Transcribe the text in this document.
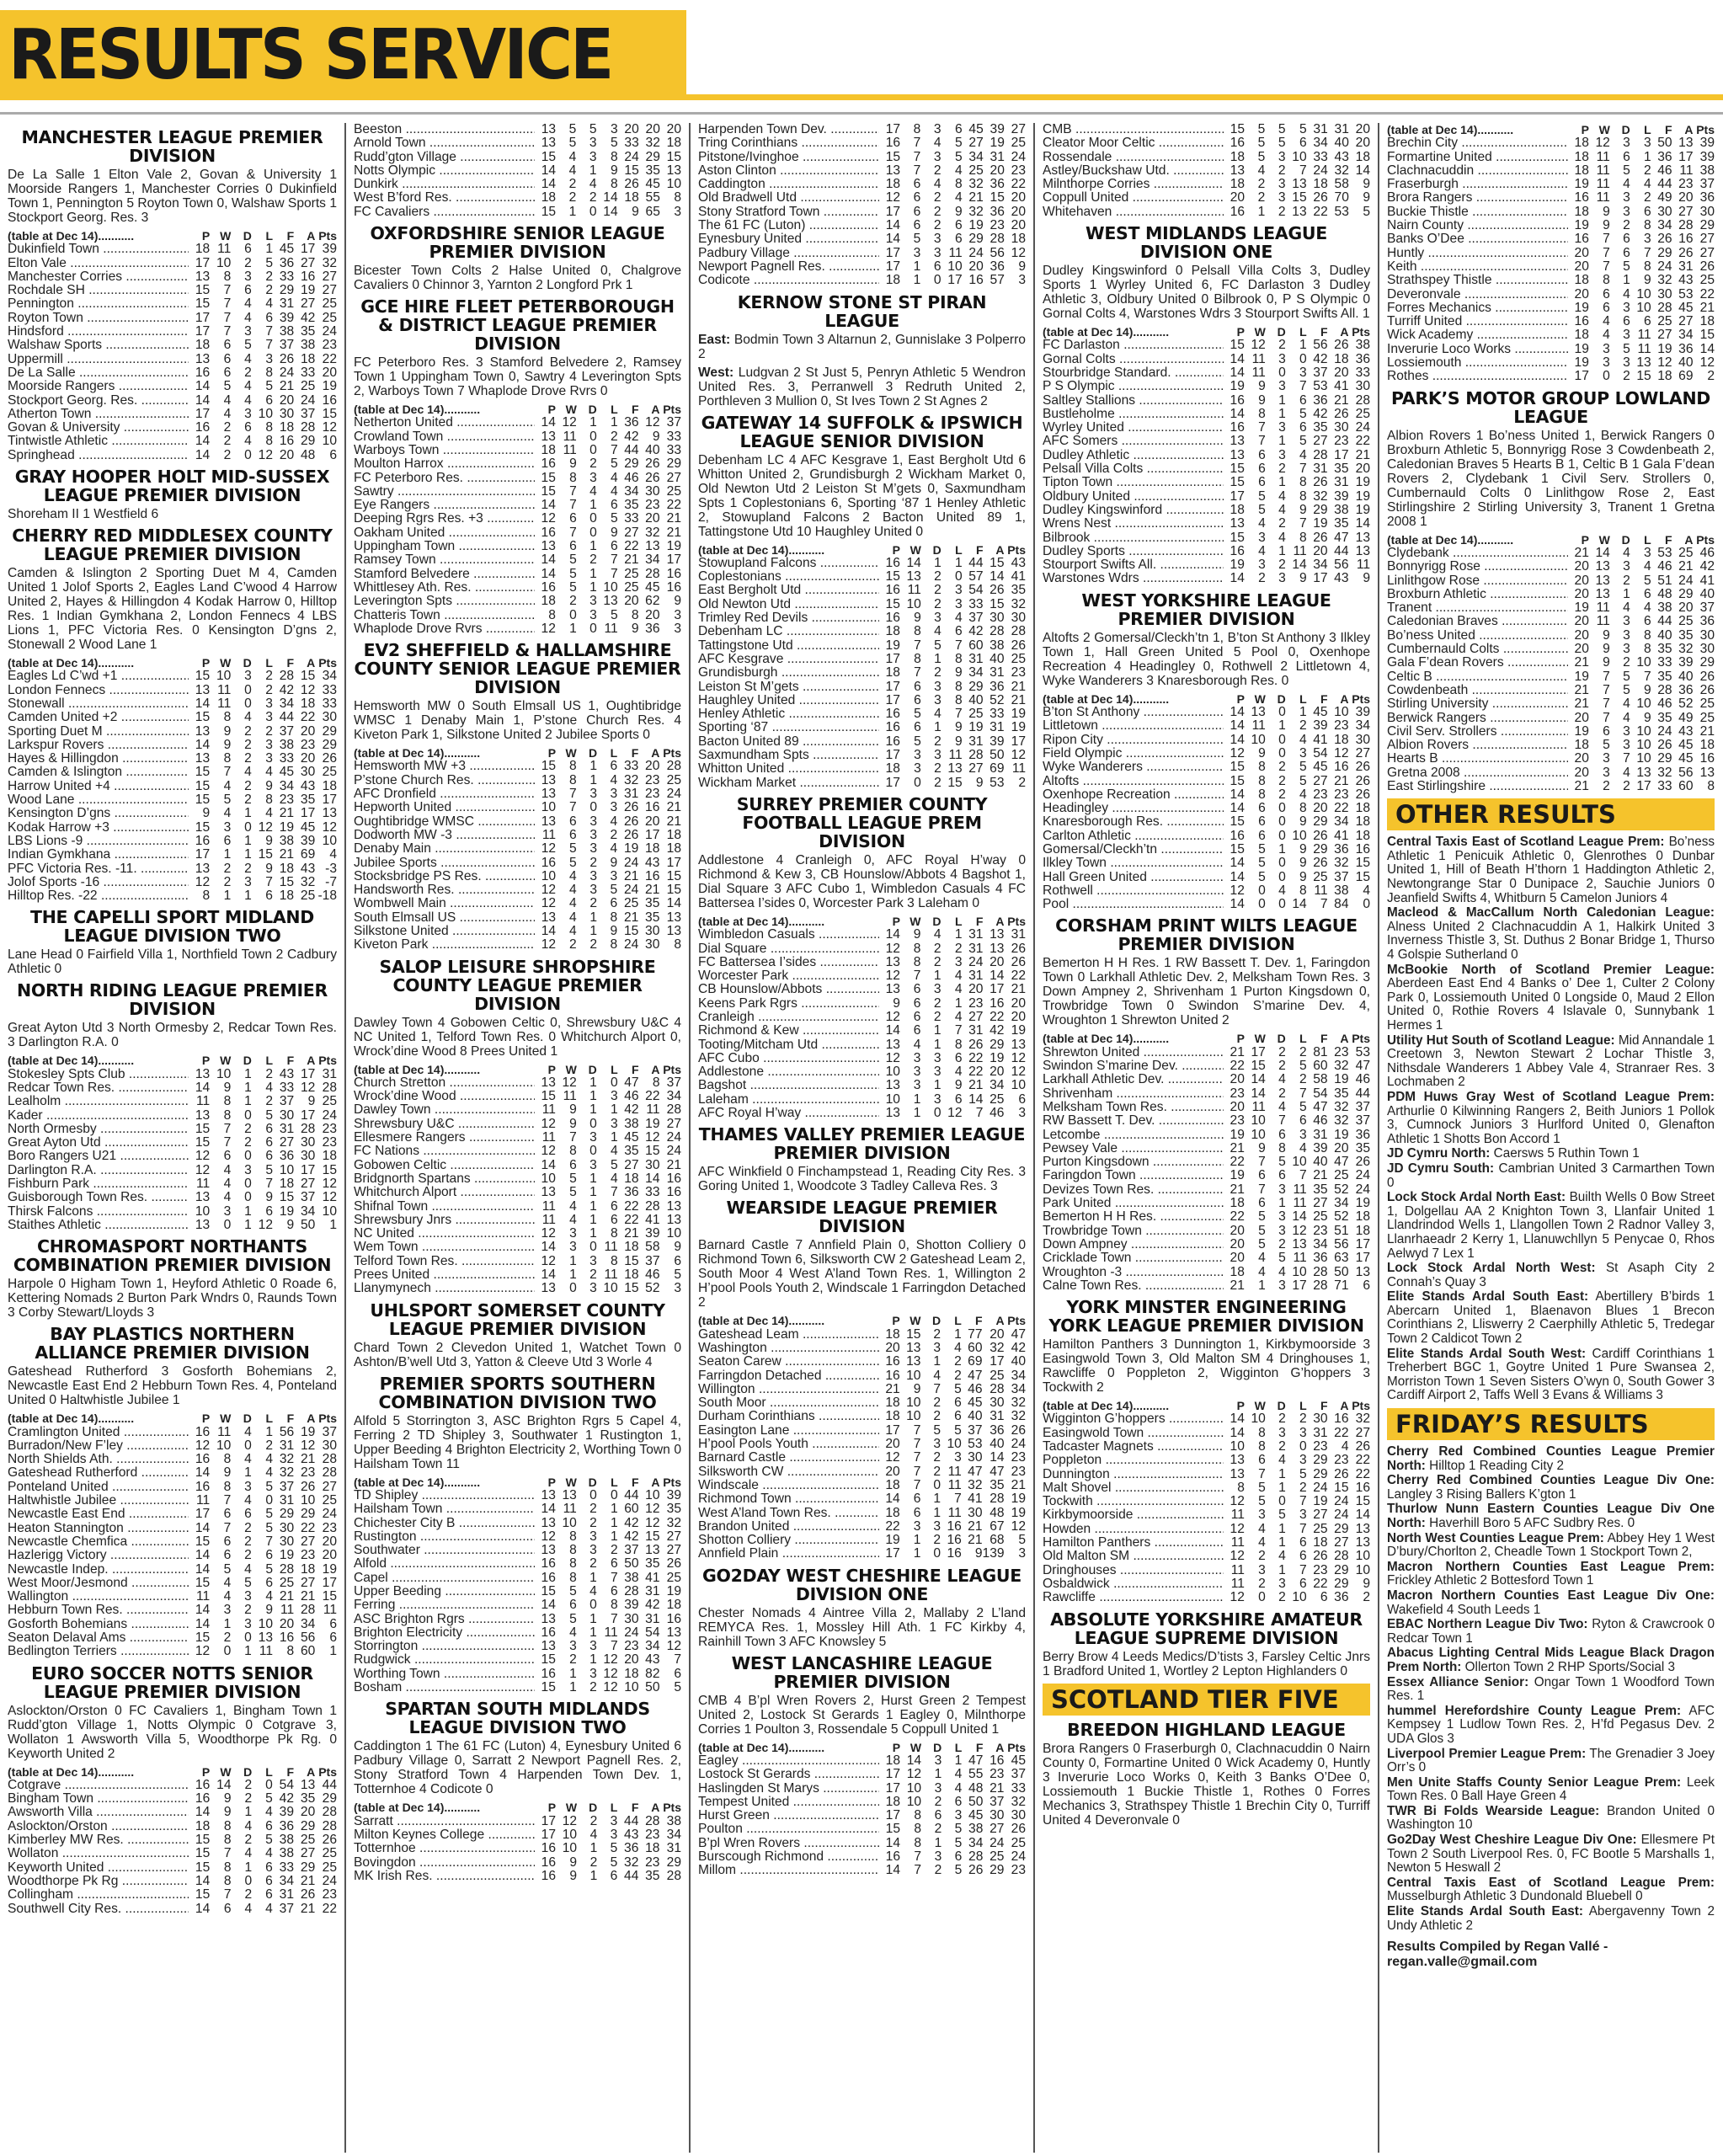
RESULTS SERVICE
MANCHESTER LEAGUE PREMIER DIVISION

De La Salle 1 Elton Vale 2, Govan & University 1 Moorside Rangers 1, Manchester Corries 0 Dukinfield Town 1, Pennington 5 Royton Town 0, Walshaw Sports 1 Stockport Georg. Res. 3

(table at Dec 14)...........	P	W	D	L	F	A	Pts
Dukinfield Town .....	18	11	6	1	45	17	39
Elton Vale .....	17	10	2	5	36	27	32
Manchester Corries .....	13	8	3	2	33	16	27
Rochdale SH .....	15	7	6	2	29	19	27
Pennington .....	15	7	4	4	31	27	25
Royton Town .....	17	7	4	6	39	42	25
Hindsford .....	17	7	3	7	38	35	24
Walshaw Sports .....	18	6	5	7	37	38	23
Uppermill .....	13	6	4	3	26	18	22
De La Salle .....	16	6	2	8	24	33	20
Moorside Rangers .....	14	5	4	5	21	25	19
Stockport Georg. Res. .....	14	4	4	6	20	24	16
Atherton Town .....	17	4	3	10	30	37	15
Govan & University .....	16	2	6	8	18	28	12
Tintwistle Athletic .....	14	2	4	8	16	29	10
Springhead .....	14	2	0	12	20	48	6
GRAY HOOPER HOLT MID-SUSSEX LEAGUE PREMIER DIVISION

Shoreham II 1 Westfield 6

CHERRY RED MIDDLESEX COUNTY LEAGUE PREMIER DIVISION

Camden & Islington 2 Sporting Duet M 4, Camden United 1 Jolof Sports 2, Eagles Land C’wood 4 Harrow United 2, Hayes & Hillingdon 4 Kodak Harrow 0, Hilltop Res. 1 Indian Gymkhana 2, London Fennecs 4 LBS Lions 1, PFC Victoria Res. 0 Kensington D’gns 2, Stonewall 2 Wood Lane 1

(table at Dec 14)...........	P	W	D	L	F	A	Pts
Eagles Ld C’wd +1 .....	15	10	3	2	28	15	34
London Fennecs .....	13	11	0	2	42	12	33
Stonewall .....	14	11	0	3	34	18	33
Camden United +2 .....	15	8	4	3	44	22	30
Sporting Duet M .....	13	9	2	2	37	20	29
Larkspur Rovers .....	14	9	2	3	38	23	29
Hayes & Hillingdon .....	13	8	2	3	33	20	26
Camden & Islington .....	15	7	4	4	45	30	25
Harrow United +4 .....	15	4	2	9	34	43	18
Wood Lane .....	15	5	2	8	23	35	17
Kensington D’gns .....	9	4	1	4	21	17	13
Kodak Harrow +3 .....	15	3	0	12	19	45	12
LBS Lions -9 .....	16	6	1	9	38	39	10
Indian Gymkhana .....	17	1	1	15	21	69	4
PFC Victoria Res. -11. .....	13	2	2	9	18	43	-3
Jolof Sports -16 .....	12	2	3	7	15	32	-7
Hilltop Res. -22 .....	8	1	1	6	18	25	-18
THE CAPELLI SPORT MIDLAND LEAGUE DIVISION TWO

Lane Head 0 Fairfield Villa 1, Northfield Town 2 Cadbury Athletic 0

NORTH RIDING LEAGUE PREMIER DIVISION

Great Ayton Utd 3 North Ormesby 2, Redcar Town Res. 3 Darlington R.A. 0

(table at Dec 14)...........	P	W	D	L	F	A	Pts
Stokesley Spts Club .....	13	10	1	2	43	17	31
Redcar Town Res. .....	14	9	1	4	33	12	28
Lealholm .....	11	8	1	2	37	9	25
Kader .....	13	8	0	5	30	17	24
North Ormesby .....	15	7	2	6	31	28	23
Great Ayton Utd .....	15	7	2	6	27	30	23
Boro Rangers U21 .....	12	6	0	6	36	30	18
Darlington R.A. .....	12	4	3	5	10	17	15
Fishburn Park .....	11	4	0	7	18	27	12
Guisborough Town Res. .....	13	4	0	9	15	37	12
Thirsk Falcons .....	10	3	1	6	19	34	10
Staithes Athletic .....	13	0	1	12	9	50	1
CHROMASPORT NORTHANTS COMBINATION PREMIER DIVISION

Harpole 0 Higham Town 1, Heyford Athletic 0 Roade 6, Kettering Nomads 2 Burton Park Wndrs 0, Raunds Town 3 Corby Stewart/Lloyds 3

BAY PLASTICS NORTHERN ALLIANCE PREMIER DIVISION

Gateshead Rutherford 3 Gosforth Bohemians 2, Newcastle East End 2 Hebburn Town Res. 4, Ponteland United 0 Haltwhistle Jubilee 1

(table at Dec 14)...........	P	W	D	L	F	A	Pts
Cramlington United .....	16	11	4	1	56	19	37
Burradon/New F’ley .....	12	10	0	2	31	12	30
North Shields Ath. .....	16	8	4	4	32	21	28
Gateshead Rutherford .....	14	9	1	4	32	23	28
Ponteland United .....	16	8	3	5	37	26	27
Haltwhistle Jubilee .....	11	7	4	0	31	10	25
Newcastle East End .....	17	6	6	5	29	29	24
Heaton Stannington .....	14	7	2	5	30	22	23
Newcastle Chemfica .....	15	6	2	7	30	27	20
Hazlerigg Victory .....	14	6	2	6	19	23	20
Newcastle Indep. .....	14	5	4	5	28	18	19
West Moor/Jesmond .....	15	4	5	6	25	27	17
Wallington .....	11	4	3	4	21	21	15
Hebburn Town Res. .....	14	3	2	9	11	28	11
Gosforth Bohemians .....	14	1	3	10	20	34	6
Seaton Delaval Ams .....	15	2	0	13	16	56	6
Bedlington Terriers .....	12	0	1	11	8	60	1
EURO SOCCER NOTTS SENIOR LEAGUE PREMIER DIVISION

Aslockton/Orston 0 FC Cavaliers 1, Bingham Town 1 Rudd’gton Village 1, Notts Olympic 0 Cotgrave 3, Wollaton 1 Awsworth Villa 5, Woodthorpe Pk Rg. 0 Keyworth United 2

(table at Dec 14)...........	P	W	D	L	F	A	Pts
Cotgrave .....	16	14	2	0	54	13	44
Bingham Town .....	16	9	2	5	42	35	29
Awsworth Villa .....	14	9	1	4	39	20	28
Aslockton/Orston .....	18	8	4	6	36	29	28
Kimberley MW Res. .....	15	8	2	5	38	25	26
Wollaton .....	15	7	4	4	38	27	25
Keyworth United .....	15	8	1	6	33	29	25
Woodthorpe Pk Rg .....	14	8	0	6	34	21	24
Collingham .....	15	7	2	6	31	26	23
Southwell City Res. .....	14	6	4	4	37	21	22
Beeston .....	13	5	5	3	20	20	20
Arnold Town .....	13	5	3	5	33	32	18
Rudd’gton Village .....	15	4	3	8	24	29	15
Notts Olympic .....	14	4	1	9	15	35	13
Dunkirk .....	14	2	4	8	26	45	10
West B’ford Res. .....	18	2	2	14	18	55	8
FC Cavaliers .....	15	1	0	14	9	65	3
OXFORDSHIRE SENIOR LEAGUE PREMIER DIVISION

Bicester Town Colts 2 Halse United 0, Chalgrove Cavaliers 0 Chinnor 3, Yarnton 2 Longford Prk 1

GCE HIRE FLEET PETERBOROUGH & DISTRICT LEAGUE PREMIER DIVISION

FC Peterboro Res. 3 Stamford Belvedere 2, Ramsey Town 1 Uppingham Town 0, Sawtry 4 Leverington Spts 2, Warboys Town 7 Whaplode Drove Rvrs 0

(table at Dec 14)...........	P	W	D	L	F	A	Pts
Netherton United .....	14	12	1	1	36	12	37
Crowland Town .....	13	11	0	2	42	9	33
Warboys Town .....	18	11	0	7	44	40	33
Moulton Harrox .....	16	9	2	5	29	26	29
FC Peterboro Res. .....	15	8	3	4	46	26	27
Sawtry .....	15	7	4	4	34	30	25
Eye Rangers .....	14	7	1	6	35	23	22
Deeping Rgrs Res. +3 .....	12	6	0	5	33	20	21
Oakham United .....	16	7	0	9	27	32	21
Uppingham Town .....	13	6	1	6	22	13	19
Ramsey Town .....	14	5	2	7	21	34	17
Stamford Belvedere .....	14	5	1	7	25	28	16
Whittlesey Ath. Res. .....	16	5	1	10	25	45	16
Leverington Spts .....	18	2	3	13	20	62	9
Chatteris Town .....	8	0	3	5	8	20	3
Whaplode Drove Rvrs .....	12	1	0	11	9	36	3
EV2 SHEFFIELD & HALLAMSHIRE COUNTY SENIOR LEAGUE PREMIER DIVISION

Hemsworth MW 0 South Elmsall US 1, Oughtibridge WMSC 1 Denaby Main 1, P’stone Church Res. 4 Kiveton Park 1, Silkstone United 2 Jubilee Sports 0

(table at Dec 14)...........	P	W	D	L	F	A	Pts
Hemsworth MW +3 .....	15	8	1	6	33	20	28
P’stone Church Res. .....	13	8	1	4	32	23	25
AFC Dronfield .....	13	7	3	3	31	23	24
Hepworth United .....	10	7	0	3	26	16	21
Oughtibridge WMSC .....	13	6	3	4	26	20	21
Dodworth MW -3 .....	11	6	3	2	26	17	18
Denaby Main .....	12	5	3	4	19	18	18
Jubilee Sports .....	16	5	2	9	24	43	17
Stocksbridge PS Res. .....	10	4	3	3	21	16	15
Handsworth Res. .....	12	4	3	5	24	21	15
Wombwell Main .....	12	4	2	6	25	35	14
South Elmsall US .....	13	4	1	8	21	35	13
Silkstone United .....	14	4	1	9	15	30	13
Kiveton Park .....	12	2	2	8	24	30	8
SALOP LEISURE SHROPSHIRE COUNTY LEAGUE PREMIER DIVISION

Dawley Town 4 Gobowen Celtic 0, Shrewsbury U&C 4 NC United 1, Telford Town Res. 0 Whitchurch Alport 0, Wrock’dine Wood 8 Prees United 1

(table at Dec 14)...........	P	W	D	L	F	A	Pts
Church Stretton .....	13	12	1	0	47	8	37
Wrock’dine Wood .....	15	11	1	3	46	22	34
Dawley Town .....	11	9	1	1	42	11	28
Shrewsbury U&C .....	12	9	0	3	38	19	27
Ellesmere Rangers .....	11	7	3	1	45	12	24
FC Nations .....	12	8	0	4	35	15	24
Gobowen Celtic .....	14	6	3	5	27	30	21
Bridgnorth Spartans .....	10	5	1	4	18	14	16
Whitchurch Alport .....	13	5	1	7	36	33	16
Shifnal Town .....	11	4	1	6	22	28	13
Shrewsbury Jnrs .....	11	4	1	6	22	41	13
NC United .....	12	3	1	8	21	39	10
Wem Town .....	14	3	0	11	18	58	9
Telford Town Res. .....	12	1	3	8	15	37	6
Prees United .....	14	1	2	11	18	46	5
Llanymynech .....	13	0	3	10	15	52	3
UHLSPORT SOMERSET COUNTY LEAGUE PREMIER DIVISION

Chard Town 2 Clevedon United 1, Watchet Town 0 Ashton/B’well Utd 3, Yatton & Cleeve Utd 3 Worle 4

PREMIER SPORTS SOUTHERN COMBINATION DIVISION TWO

Alfold 5 Storrington 3, ASC Brighton Rgrs 5 Capel 4, Ferring 2 TD Shipley 3, Southwater 1 Rustington 1, Upper Beeding 4 Brighton Electricity 2, Worthing Town 0 Hailsham Town 11

(table at Dec 14)...........	P	W	D	L	F	A	Pts
TD Shipley .....	13	13	0	0	44	10	39
Hailsham Town .....	14	11	2	1	60	12	35
Chichester City B .....	13	10	2	1	42	12	32
Rustington .....	12	8	3	1	42	15	27
Southwater .....	13	8	3	2	37	13	27
Alfold .....	16	8	2	6	50	35	26
Capel .....	16	8	1	7	38	41	25
Upper Beeding .....	15	5	4	6	28	31	19
Ferring .....	14	6	0	8	39	42	18
ASC Brighton Rgrs .....	13	5	1	7	30	31	16
Brighton Electricity .....	16	4	1	11	24	54	13
Storrington .....	13	3	3	7	23	34	12
Rudgwick .....	15	2	1	12	20	43	7
Worthing Town .....	16	1	3	12	18	82	6
Bosham .....	15	1	2	12	10	50	5
SPARTAN SOUTH MIDLANDS LEAGUE DIVISION TWO

Caddington 1 The 61 FC (Luton) 4, Eynesbury United 6 Padbury Village 0, Sarratt 2 Newport Pagnell Res. 2, Stony Stratford Town 4 Harpenden Town Dev. 1, Totternhoe 4 Codicote 0

(table at Dec 14)...........	P	W	D	L	F	A	Pts
Sarratt .....	17	12	2	3	44	28	38
Milton Keynes College .....	17	10	4	3	43	23	34
Totternhoe .....	16	10	1	5	36	18	31
Bovingdon .....	16	9	2	5	32	23	29
MK Irish Res. .....	16	9	1	6	44	35	28
Harpenden Town Dev. .....	17	8	3	6	45	39	27
Tring Corinthians .....	16	7	4	5	27	19	25
Pitstone/Ivinghoe .....	15	7	3	5	34	31	24
Aston Clinton .....	13	7	2	4	25	20	23
Caddington .....	18	6	4	8	32	36	22
Old Bradwell Utd .....	12	6	2	4	21	15	20
Stony Stratford Town .....	17	6	2	9	32	36	20
The 61 FC (Luton) .....	14	6	2	6	19	23	20
Eynesbury United .....	14	5	3	6	29	28	18
Padbury Village .....	17	3	3	11	24	56	12
Newport Pagnell Res. .....	17	1	6	10	20	36	9
Codicote .....	18	1	0	17	16	57	3
KERNOW STONE ST PIRAN LEAGUE

East: Bodmin Town 3 Altarnun 2, Gunnislake 3 Polperro 2

West: Ludgvan 2 St Just 5, Penryn Athletic 5 Wendron United Res. 3, Perranwell 3 Redruth United 2, Porthleven 3 Mullion 0, St Ives Town 2 St Agnes 2

GATEWAY 14 SUFFOLK & IPSWICH LEAGUE SENIOR DIVISION

Debenham LC 4 AFC Kesgrave 1, East Bergholt Utd 6 Whitton United 2, Grundisburgh 2 Wickham Market 0, Old Newton Utd 2 Leiston St M’gets 0, Saxmundham Spts 1 Coplestonians 6, Sporting ‘87 1 Henley Athletic 2, Stowupland Falcons 2 Bacton United 89 1, Tattingstone Utd 10 Haughley United 0

(table at Dec 14)...........	P	W	D	L	F	A	Pts
Stowupland Falcons .....	16	14	1	1	44	15	43
Coplestonians .....	15	13	2	0	57	14	41
East Bergholt Utd .....	16	11	2	3	54	26	35
Old Newton Utd .....	15	10	2	3	33	15	32
Trimley Red Devils .....	16	9	3	4	37	30	30
Debenham LC .....	18	8	4	6	42	28	28
Tattingstone Utd .....	19	7	5	7	60	38	26
AFC Kesgrave .....	17	8	1	8	31	40	25
Grundisburgh .....	18	7	2	9	34	31	23
Leiston St M’gets .....	17	6	3	8	29	36	21
Haughley United .....	17	6	3	8	40	52	21
Henley Athletic .....	16	5	4	7	25	33	19
Sporting ‘87 .....	16	6	1	9	19	31	19
Bacton United 89 .....	16	5	2	9	31	39	17
Saxmundham Spts .....	17	3	3	11	28	50	12
Whitton United .....	18	3	2	13	27	69	11
Wickham Market .....	17	0	2	15	9	53	2
SURREY PREMIER COUNTY FOOTBALL LEAGUE PREM DIVISION

Addlestone 4 Cranleigh 0, AFC Royal H’way 0 Richmond & Kew 3, CB Hounslow/Abbots 4 Bagshot 1, Dial Square 3 AFC Cubo 1, Wimbledon Casuals 4 FC Battersea I’sides 0, Worcester Park 3 Laleham 0

(table at Dec 14)...........	P	W	D	L	F	A	Pts
Wimbledon Casuals .....	14	9	4	1	31	13	31
Dial Square .....	12	8	2	2	31	13	26
FC Battersea I’sides .....	13	8	2	3	24	20	26
Worcester Park .....	12	7	1	4	31	14	22
CB Hounslow/Abbots .....	13	6	3	4	20	17	21
Keens Park Rgrs .....	9	6	2	1	23	16	20
Cranleigh .....	12	6	2	4	27	22	20
Richmond & Kew .....	14	6	1	7	31	42	19
Tooting/Mitcham Utd .....	13	4	1	8	26	29	13
AFC Cubo .....	12	3	3	6	22	19	12
Addlestone .....	10	3	3	4	22	20	12
Bagshot .....	13	3	1	9	21	34	10
Laleham .....	10	1	3	6	14	25	6
AFC Royal H’way .....	13	1	0	12	7	46	3
THAMES VALLEY PREMIER LEAGUE PREMIER DIVISION

AFC Winkfield 0 Finchampstead 1, Reading City Res. 3 Goring United 1, Woodcote 3 Tadley Calleva Res. 3

WEARSIDE LEAGUE PREMIER DIVISION

Barnard Castle 7 Annfield Plain 0, Shotton Colliery 0 Richmond Town 6, Silksworth CW 2 Gateshead Leam 2, South Moor 4 West A’land Town Res. 1, Willington 2 H’pool Pools Youth 2, Windscale 1 Farringdon Detached 2

(table at Dec 14)...........	P	W	D	L	F	A	Pts
Gateshead Leam .....	18	15	2	1	77	20	47
Washington .....	20	13	3	4	60	32	42
Seaton Carew .....	16	13	1	2	69	17	40
Farringdon Detached .....	16	10	4	2	47	25	34
Willington .....	21	9	7	5	46	28	34
South Moor .....	18	10	2	6	45	30	32
Durham Corinthians .....	18	10	2	6	40	31	32
Easington Lane .....	17	7	5	5	37	36	26
H’pool Pools Youth .....	20	7	3	10	53	40	24
Barnard Castle .....	12	7	2	3	30	14	23
Silksworth CW .....	20	7	2	11	47	47	23
Windscale .....	18	7	0	11	32	35	21
Richmond Town .....	14	6	1	7	41	28	19
West A’land Town Res. .....	18	6	1	11	30	48	19
Brandon United .....	22	3	3	16	21	67	12
Shotton Colliery .....	19	1	2	16	21	68	5
Annfield Plain .....	17	1	0	16	9	139	3
GO2DAY WEST CHESHIRE LEAGUE DIVISION ONE

Chester Nomads 4 Aintree Villa 2, Mallaby 2 L’land REMYCA Res. 1, Mossley Hill Ath. 1 FC Kirkby 4, Rainhill Town 3 AFC Knowsley 5

WEST LANCASHIRE LEAGUE PREMIER DIVISION

CMB 4 B’pl Wren Rovers 2, Hurst Green 2 Tempest United 2, Lostock St Gerards 1 Eagley 0, Milnthorpe Corries 1 Poulton 3, Rossendale 5 Coppull United 1

(table at Dec 14)...........	P	W	D	L	F	A	Pts
Eagley .....	18	14	3	1	47	16	45
Lostock St Gerards .....	17	12	1	4	55	23	37
Haslingden St Marys .....	17	10	3	4	48	21	33
Tempest United .....	18	10	2	6	50	37	32
Hurst Green .....	17	8	6	3	45	30	30
Poulton .....	15	8	2	5	38	27	26
B’pl Wren Rovers .....	14	8	1	5	34	24	25
Burscough Richmond .....	16	7	3	6	28	25	24
Millom .....	14	7	2	5	26	29	23
CMB .....	15	5	5	5	31	31	20
Cleator Moor Celtic .....	16	5	5	6	34	40	20
Rossendale .....	18	5	3	10	33	43	18
Astley/Buckshaw Utd. .....	13	4	2	7	24	32	14
Milnthorpe Corries .....	18	2	3	13	18	58	9
Coppull United .....	20	2	3	15	26	70	9
Whitehaven .....	16	1	2	13	22	53	5
WEST MIDLANDS LEAGUE DIVISION ONE

Dudley Kingswinford 0 Pelsall Villa Colts 3, Dudley Sports 1 Wyrley United 6, FC Darlaston 3 Dudley Athletic 3, Oldbury United 0 Bilbrook 0, P S Olympic 0 Gornal Colts 4, Warstones Wdrs 3 Stourport Swifts All. 1

(table at Dec 14)...........	P	W	D	L	F	A	Pts
FC Darlaston .....	15	12	2	1	56	26	38
Gornal Colts .....	14	11	3	0	42	18	36
Stourbridge Standard. .....	14	11	0	3	37	20	33
P S Olympic .....	19	9	3	7	53	41	30
Saltley Stallions .....	16	9	1	6	36	21	28
Bustleholme .....	14	8	1	5	42	26	25
Wyrley United .....	16	7	3	6	35	30	24
AFC Somers .....	13	7	1	5	27	23	22
Dudley Athletic .....	13	6	3	4	28	17	21
Pelsall Villa Colts .....	15	6	2	7	31	35	20
Tipton Town .....	15	6	1	8	26	31	19
Oldbury United .....	17	5	4	8	32	39	19
Dudley Kingswinford .....	18	5	4	9	29	38	19
Wrens Nest .....	13	4	2	7	19	35	14
Bilbrook .....	15	3	4	8	26	47	13
Dudley Sports .....	16	4	1	11	20	44	13
Stourport Swifts All. .....	19	3	2	14	34	56	11
Warstones Wdrs .....	14	2	3	9	17	43	9
WEST YORKSHIRE LEAGUE PREMIER DIVISION

Altofts 2 Gomersal/Cleckh’tn 1, B’ton St Anthony 3 Ilkley Town 1, Hall Green United 5 Pool 0, Oxenhope Recreation 4 Headingley 0, Rothwell 2 Littletown 4, Wyke Wanderers 3 Knaresborough Res. 0

(table at Dec 14)...........	P	W	D	L	F	A	Pts
B’ton St Anthony .....	14	13	0	1	45	10	39
Littletown .....	14	11	1	2	39	23	34
Ripon City .....	14	10	0	4	41	18	30
Field Olympic .....	12	9	0	3	54	12	27
Wyke Wanderers .....	15	8	2	5	45	16	26
Altofts .....	15	8	2	5	27	21	26
Oxenhope Recreation .....	14	8	2	4	23	23	26
Headingley .....	14	6	0	8	20	22	18
Knaresborough Res. .....	15	6	0	9	29	34	18
Carlton Athletic .....	16	6	0	10	26	41	18
Gomersal/Cleckh’tn .....	15	5	1	9	29	36	16
Ilkley Town .....	14	5	0	9	26	32	15
Hall Green United .....	14	5	0	9	25	37	15
Rothwell .....	12	0	4	8	11	38	4
Pool .....	14	0	0	14	7	84	0
CORSHAM PRINT WILTS LEAGUE PREMIER DIVISION

Bemerton H H Res. 1 RW Bassett T. Dev. 1, Faringdon Town 0 Larkhall Athletic Dev. 2, Melksham Town Res. 3 Down Ampney 2, Shrivenham 1 Purton Kingsdown 0, Trowbridge Town 0 Swindon S’marine Dev. 4, Wroughton 1 Shrewton United 2

(table at Dec 14)...........	P	W	D	L	F	A	Pts
Shrewton United .....	21	17	2	2	81	23	53
Swindon S’marine Dev. .....	22	15	2	5	60	32	47
Larkhall Athletic Dev. .....	20	14	4	2	58	19	46
Shrivenham .....	23	14	2	7	54	35	44
Melksham Town Res. .....	20	11	4	5	47	32	37
RW Bassett T. Dev. .....	23	10	7	6	46	32	37
Letcombe .....	19	10	6	3	31	19	36
Pewsey Vale .....	21	9	8	4	39	20	35
Purton Kingsdown .....	22	7	5	10	40	47	26
Faringdon Town .....	19	6	6	7	21	25	24
Devizes Town Res. .....	21	7	3	11	35	52	24
Park United .....	18	6	1	11	27	34	19
Bemerton H H Res. .....	22	5	3	14	25	52	18
Trowbridge Town .....	20	5	3	12	23	51	18
Down Ampney .....	20	5	2	13	34	56	17
Cricklade Town .....	20	4	5	11	36	63	17
Wroughton -3 .....	18	4	4	10	28	50	13
Calne Town Res. .....	21	1	3	17	28	71	6
YORK MINSTER ENGINEERING YORK LEAGUE PREMIER DIVISION

Hamilton Panthers 3 Dunnington 1, Kirkbymoorside 3 Easingwold Town 3, Old Malton SM 4 Dringhouses 1, Rawcliffe 0 Poppleton 2, Wigginton G’hoppers 3 Tockwith 2

(table at Dec 14)...........	P	W	D	L	F	A	Pts
Wigginton G’hoppers .....	14	10	2	2	30	16	32
Easingwold Town .....	14	8	3	3	31	22	27
Tadcaster Magnets .....	10	8	2	0	23	4	26
Poppleton .....	13	6	4	3	29	23	22
Dunnington .....	13	7	1	5	29	26	22
Malt Shovel .....	8	5	1	2	24	15	16
Tockwith .....	12	5	0	7	19	24	15
Kirkbymoorside .....	11	3	5	3	27	24	14
Howden .....	12	4	1	7	25	29	13
Hamilton Panthers .....	11	4	1	6	18	27	13
Old Malton SM .....	12	2	4	6	26	28	10
Dringhouses .....	11	3	1	7	23	29	10
Osbaldwick .....	11	2	3	6	22	29	9
Rawcliffe .....	12	0	2	10	6	36	2
ABSOLUTE YORKSHIRE AMATEUR LEAGUE SUPREME DIVISION

Berry Brow 4 Leeds Medics/D’tists 3, Farsley Celtic Jnrs 1 Bradford United 1, Wortley 2 Lepton Highlanders 0

SCOTLAND TIER FIVE
BREEDON HIGHLAND LEAGUE

Brora Rangers 0 Fraserburgh 0, Clachnacuddin 0 Nairn County 0, Formartine United 0 Wick Academy 0, Huntly 3 Inverurie Loco Works 0, Keith 3 Banks O’Dee 0, Lossiemouth 1 Buckie Thistle 1, Rothes 0 Forres Mechanics 3, Strathspey Thistle 1 Brechin City 0, Turriff United 4 Deveronvale 0

(table at Dec 14)...........	P	W	D	L	F	A	Pts
Brechin City .....	18	12	3	3	50	13	39
Formartine United .....	18	11	6	1	36	17	39
Clachnacuddin .....	18	11	5	2	46	11	38
Fraserburgh .....	19	11	4	4	44	23	37
Brora Rangers .....	16	11	3	2	49	20	36
Buckie Thistle .....	18	9	3	6	30	27	30
Nairn County .....	19	9	2	8	34	28	29
Banks O’Dee .....	16	7	6	3	26	16	27
Huntly .....	20	7	6	7	29	26	27
Keith .....	20	7	5	8	24	31	26
Strathspey Thistle .....	18	8	1	9	32	43	25
Deveronvale .....	20	6	4	10	30	53	22
Forres Mechanics .....	19	6	3	10	28	45	21
Turriff United .....	16	4	6	6	25	27	18
Wick Academy .....	18	4	3	11	27	34	15
Inverurie Loco Works .....	19	3	5	11	19	36	14
Lossiemouth .....	19	3	3	13	12	40	12
Rothes .....	17	0	2	15	18	69	2
PARK’S MOTOR GROUP LOWLAND LEAGUE

Albion Rovers 1 Bo’ness United 1, Berwick Rangers 0 Broxburn Athletic 5, Bonnyrigg Rose 3 Cowdenbeath 2, Caledonian Braves 5 Hearts B 1, Celtic B 1 Gala F’dean Rovers 2, Clydebank 1 Civil Serv. Strollers 0, Cumbernauld Colts 0 Linlithgow Rose 2, East Stirlingshire 2 Stirling University 3, Tranent 1 Gretna 2008 1

(table at Dec 14)...........	P	W	D	L	F	A	Pts
Clydebank .....	21	14	4	3	53	25	46
Bonnyrigg Rose .....	20	13	3	4	46	21	42
Linlithgow Rose .....	20	13	2	5	51	24	41
Broxburn Athletic .....	20	13	1	6	48	29	40
Tranent .....	19	11	4	4	38	20	37
Caledonian Braves .....	20	11	3	6	44	25	36
Bo’ness United .....	20	9	3	8	40	35	30
Cumbernauld Colts .....	20	9	3	8	35	32	30
Gala F’dean Rovers .....	21	9	2	10	33	39	29
Celtic B .....	19	7	5	7	35	40	26
Cowdenbeath .....	21	7	5	9	28	36	26
Stirling University .....	21	7	4	10	46	52	25
Berwick Rangers .....	20	7	4	9	35	49	25
Civil Serv. Strollers .....	19	6	3	10	24	43	21
Albion Rovers .....	18	5	3	10	26	45	18
Hearts B .....	20	3	7	10	29	45	16
Gretna 2008 .....	20	3	4	13	32	56	13
East Stirlingshire .....	21	2	2	17	33	60	8
OTHER RESULTS

Central Taxis East of Scotland League Prem: Bo’ness Athletic 1 Penicuik Athletic 0, Glenrothes 0 Dunbar United 1, Hill of Beath H’thorn 1 Haddington Athletic 2, Newtongrange Star 0 Dunipace 2, Sauchie Juniors 0 Jeanfield Swifts 4, Whitburn 5 Camelon Juniors 4

Macleod & MacCallum North Caledonian League: Alness United 2 Clachnacuddin A 1, Halkirk United 3 Inverness Thistle 3, St. Duthus 2 Bonar Bridge 1, Thurso 4 Golspie Sutherland 0

McBookie North of Scotland Premier League: Aberdeen East End 4 Banks o’ Dee 1, Culter 2 Colony Park 0, Lossiemouth United 0 Longside 0, Maud 2 Ellon United 0, Rothie Rovers 4 Islavale 0, Sunnybank 1 Hermes 1

Utility Hut South of Scotland League: Mid Annandale 1 Creetown 3, Newton Stewart 2 Lochar Thistle 3, Nithsdale Wanderers 1 Abbey Vale 4, Stranraer Res. 3 Lochmaben 2

PDM Huws Gray West of Scotland League Prem: Arthurlie 0 Kilwinning Rangers 2, Beith Juniors 1 Pollok 3, Cumnock Juniors 3 Hurlford United 0, Glenafton Athletic 1 Shotts Bon Accord 1

JD Cymru North: Caersws 5 Ruthin Town 1

JD Cymru South: Cambrian United 3 Carmarthen Town 0

Lock Stock Ardal North East: Builth Wells 0 Bow Street 1, Dolgellau AA 2 Knighton Town 3, Llanfair United 1 Llandrindod Wells 1, Llangollen Town 2 Radnor Valley 3, Llanrhaeadr 2 Kerry 1, Llanuwchllyn 5 Penycae 0, Rhos Aelwyd 7 Lex 1

Lock Stock Ardal North West: St Asaph City 2 Connah’s Quay 3

Elite Stands Ardal South East: Abertillery B’birds 1 Abercarn United 1, Blaenavon Blues 1 Brecon Corinthians 2, Lliswerry 2 Caerphilly Athletic 5, Tredegar Town 2 Caldicot Town 2

Elite Stands Ardal South West: Cardiff Corinthians 1 Treherbert BGC 1, Goytre United 1 Pure Swansea 2, Morriston Town 1 Seven Sisters O’wyn 0, South Gower 3 Cardiff Airport 2, Taffs Well 3 Evans & Williams 3

FRIDAY’S RESULTS

Cherry Red Combined Counties League Premier North: Hilltop 1 Reading City 2

Cherry Red Combined Counties League Div One: Langley 3 Rising Ballers K’gton 1

Thurlow Nunn Eastern Counties League Div One North: Haverhill Boro 5 AFC Sudbry Res. 0

North West Counties League Prem: Abbey Hey 1 West D’bury/Chorlton 2, Cheadle Town 1 Stockport Town 2,

Macron Northern Counties East League Prem: Frickley Athletic 2 Bottesford Town 1

Macron Northern Counties East League Div One: Wakefield 4 South Leeds 1

EBAC Northern League Div Two: Ryton & Crawcrook 0 Redcar Town 1

Abacus Lighting Central Mids League Black Dragon Prem North: Ollerton Town 2 RHP Sports/Social 3

Essex Alliance Senior: Ongar Town 1 Woodford Town Res. 1

hummel Herefordshire County League Prem: AFC Kempsey 1 Ludlow Town Res. 2, H’fd Pegasus Dev. 2 UDA Glos 3

Liverpool Premier League Prem: The Grenadier 3 Joey Orr’s 0

Men Unite Staffs County Senior League Prem: Leek Town Res. 0 Ball Haye Green 4

TWR Bi Folds Wearside League: Brandon United 0 Washington 10

Go2Day West Cheshire League Div One: Ellesmere Pt Town 2 South Liverpool Res. 0, FC Bootle 5 Marshalls 1, Newton 5 Heswall 2

Central Taxis East of Scotland League Prem: Musselburgh Athletic 3 Dundonald Bluebell 0

Elite Stands Ardal South East: Abergavenny Town 2 Undy Athletic 2

Results Compiled by Regan Vallé - regan.valle@gmail.com
